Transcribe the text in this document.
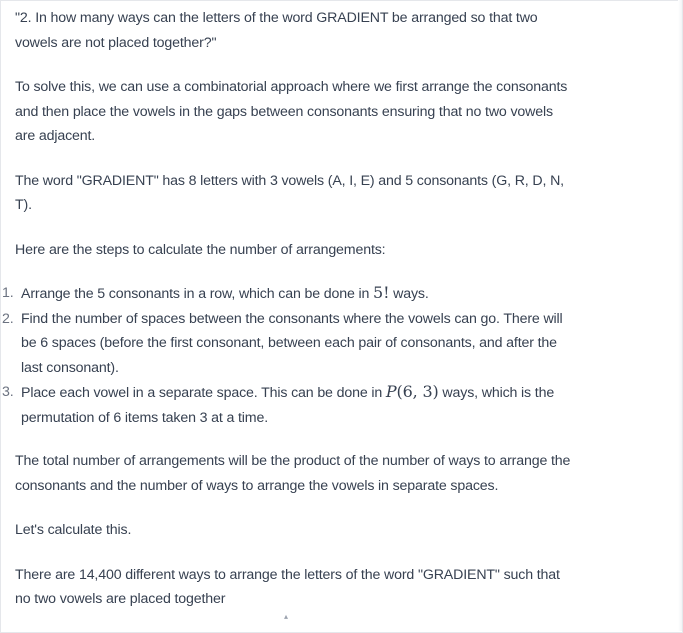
"2. In how many ways can the letters of the word GRADIENT be arranged so that two vowels are not placed together?"

To solve this, we can use a combinatorial approach where we first arrange the consonants and then place the vowels in the gaps between consonants ensuring that no two vowels are adjacent.

The word "GRADIENT" has 8 letters with 3 vowels (A, I, E) and 5 consonants (G, R, D, N, T).

Here are the steps to calculate the number of arrangements:

1. Arrange the 5 consonants in a row, which can be done in 5! ways.
2. Find the number of spaces between the consonants where the vowels can go. There will be 6 spaces (before the first consonant, between each pair of consonants, and after the last consonant).
3. Place each vowel in a separate space. This can be done in P(6, 3) ways, which is the permutation of 6 items taken 3 at a time.

The total number of arrangements will be the product of the number of ways to arrange the consonants and the number of ways to arrange the vowels in separate spaces.

Let's calculate this.

There are 14,400 different ways to arrange the letters of the word "GRADIENT" such that no two vowels are placed together

▴
